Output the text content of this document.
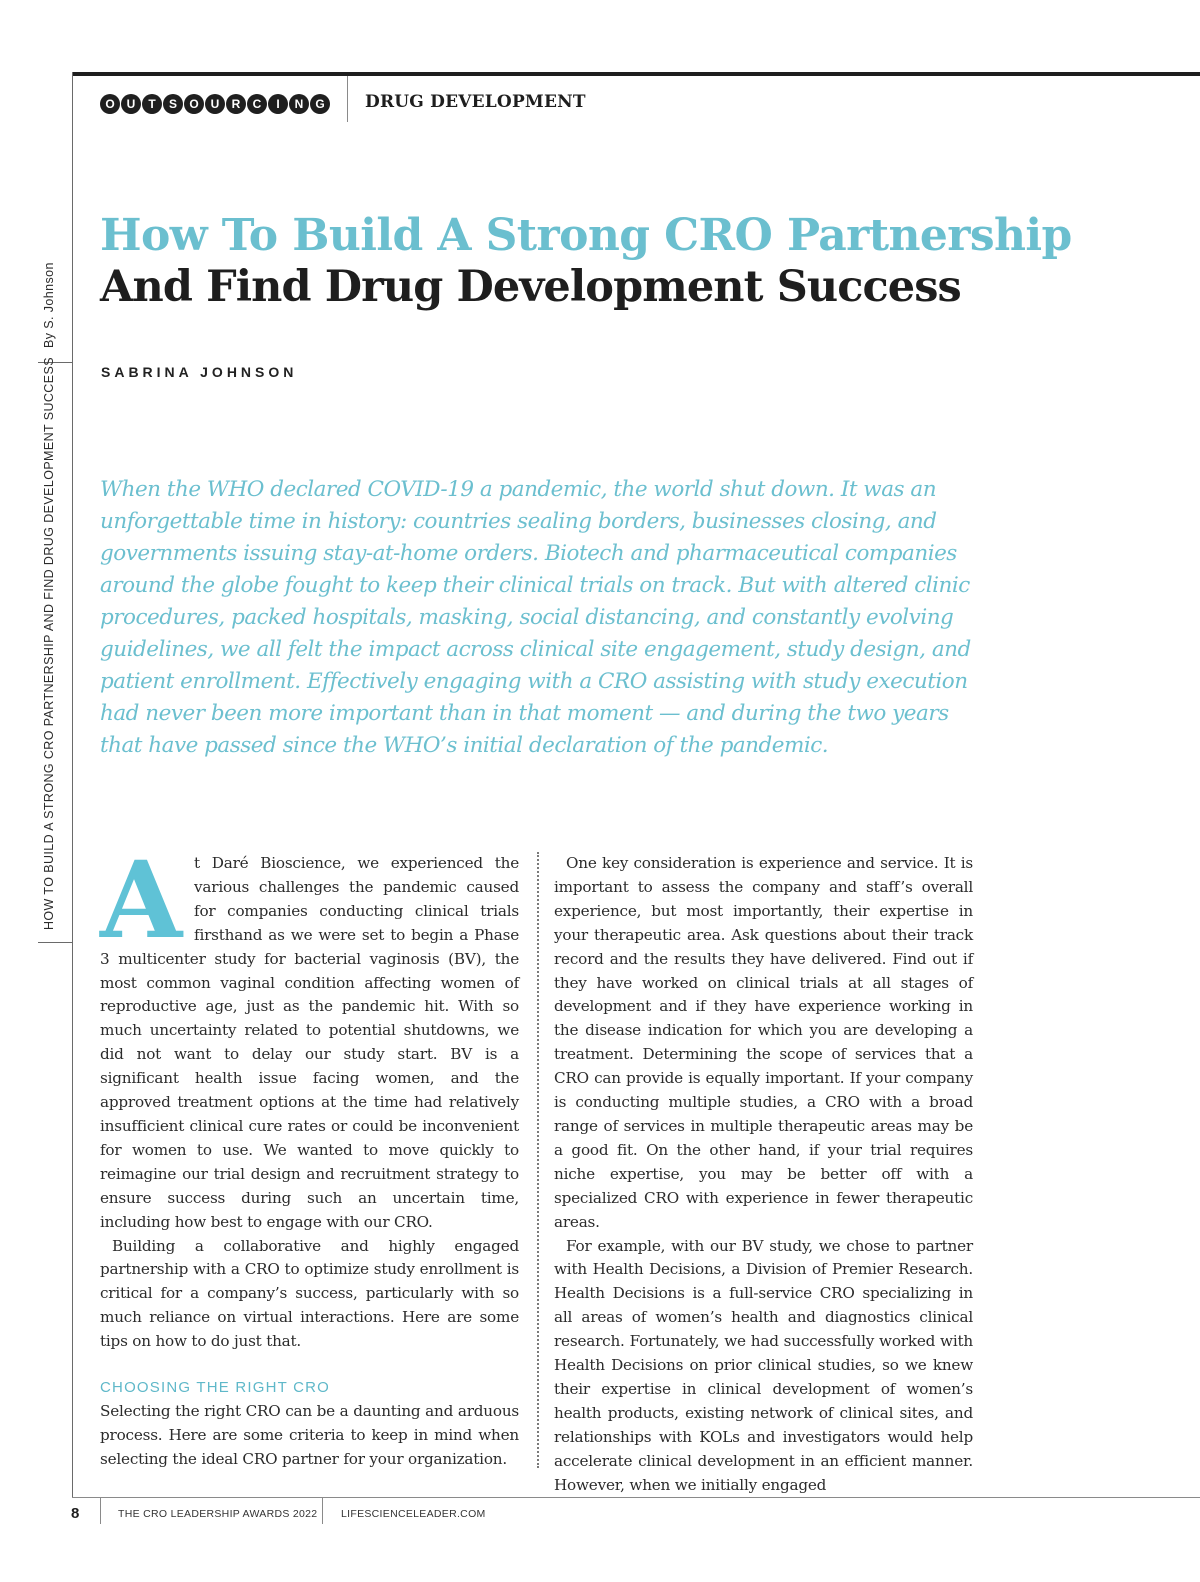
O U	T	S	O U	R	C	I	N	G	DRUG DEVELOPMENT
By S. Johnson
HOW TO BUILD A STRONG CRO PARTNERSHIP AND FIND DRUG DEVELOPMENT SUCCESS
How To Build A Strong CRO Partnership
And Find Drug Development Success
SABRINA JOHNSON

When the WHO declared COVID-19 a pandemic, the world shut down. It was an unforgettable time in history: countries sealing borders, businesses closing, and governments issuing stay-at-home orders. Biotech and pharmaceutical companies around the globe fought to keep their clinical trials on track. But with altered clinic procedures, packed hospitals, masking, social distancing, and constantly evolving guidelines, we all felt the impact across clinical site engagement, study design, and patient enrollment. Effectively engaging with a CRO assisting with study execution had never been more important than in that moment — and during the two years that have passed since the WHO’s initial declaration of the pandemic.

At Daré Bioscience, we experienced the various challenges the pandemic caused for companies conducting clinical trials firsthand as we were set to begin a Phase 3 multicenter study for bacterial vaginosis (BV), the most common vaginal condition affecting women of reproductive age, just as the pandemic hit. With so much uncertainty related to potential shutdowns, we did not want to delay our study start. BV is a significant health issue facing women, and the approved treatment options at the time had relatively insufficient clinical cure rates or could be inconvenient for women to use. We wanted to move quickly to reimagine our trial design and recruitment strategy to ensure success during such an uncertain time, including how best to engage with our CRO.

Building a collaborative and highly engaged partnership with a CRO to optimize study enrollment is critical for a company’s success, particularly with so much reliance on virtual interactions. Here are some tips on how to do just that.

CHOOSING THE RIGHT CRO

Selecting the right CRO can be a daunting and arduous process. Here are some criteria to keep in mind when selecting the ideal CRO partner for your organization.

One key consideration is experience and service. It is important to assess the company and staff’s overall experience, but most importantly, their expertise in your therapeutic area. Ask questions about their track record and the results they have delivered. Find out if they have worked on clinical trials at all stages of development and if they have experience working in the disease indication for which you are developing a treatment. Determining the scope of services that a CRO can provide is equally important. If your company is conducting multiple studies, a CRO with a broad range of services in multiple therapeutic areas may be a good fit. On the other hand, if your trial requires niche expertise, you may be better off with a specialized CRO with experience in fewer therapeutic areas.

For example, with our BV study, we chose to partner with Health Decisions, a Division of Premier Research. Health Decisions is a full-service CRO specializing in all areas of women’s health and diagnostics clinical research. Fortunately, we had successfully worked with Health Decisions on prior clinical studies, so we knew their expertise in clinical development of women’s health products, existing network of clinical sites, and relationships with KOLs and investigators would help accelerate clinical development in an efficient manner. However, when we initially engaged

8	THE CRO LEADERSHIP AWARDS 2022 LIFESCIENCELEADER.COM
